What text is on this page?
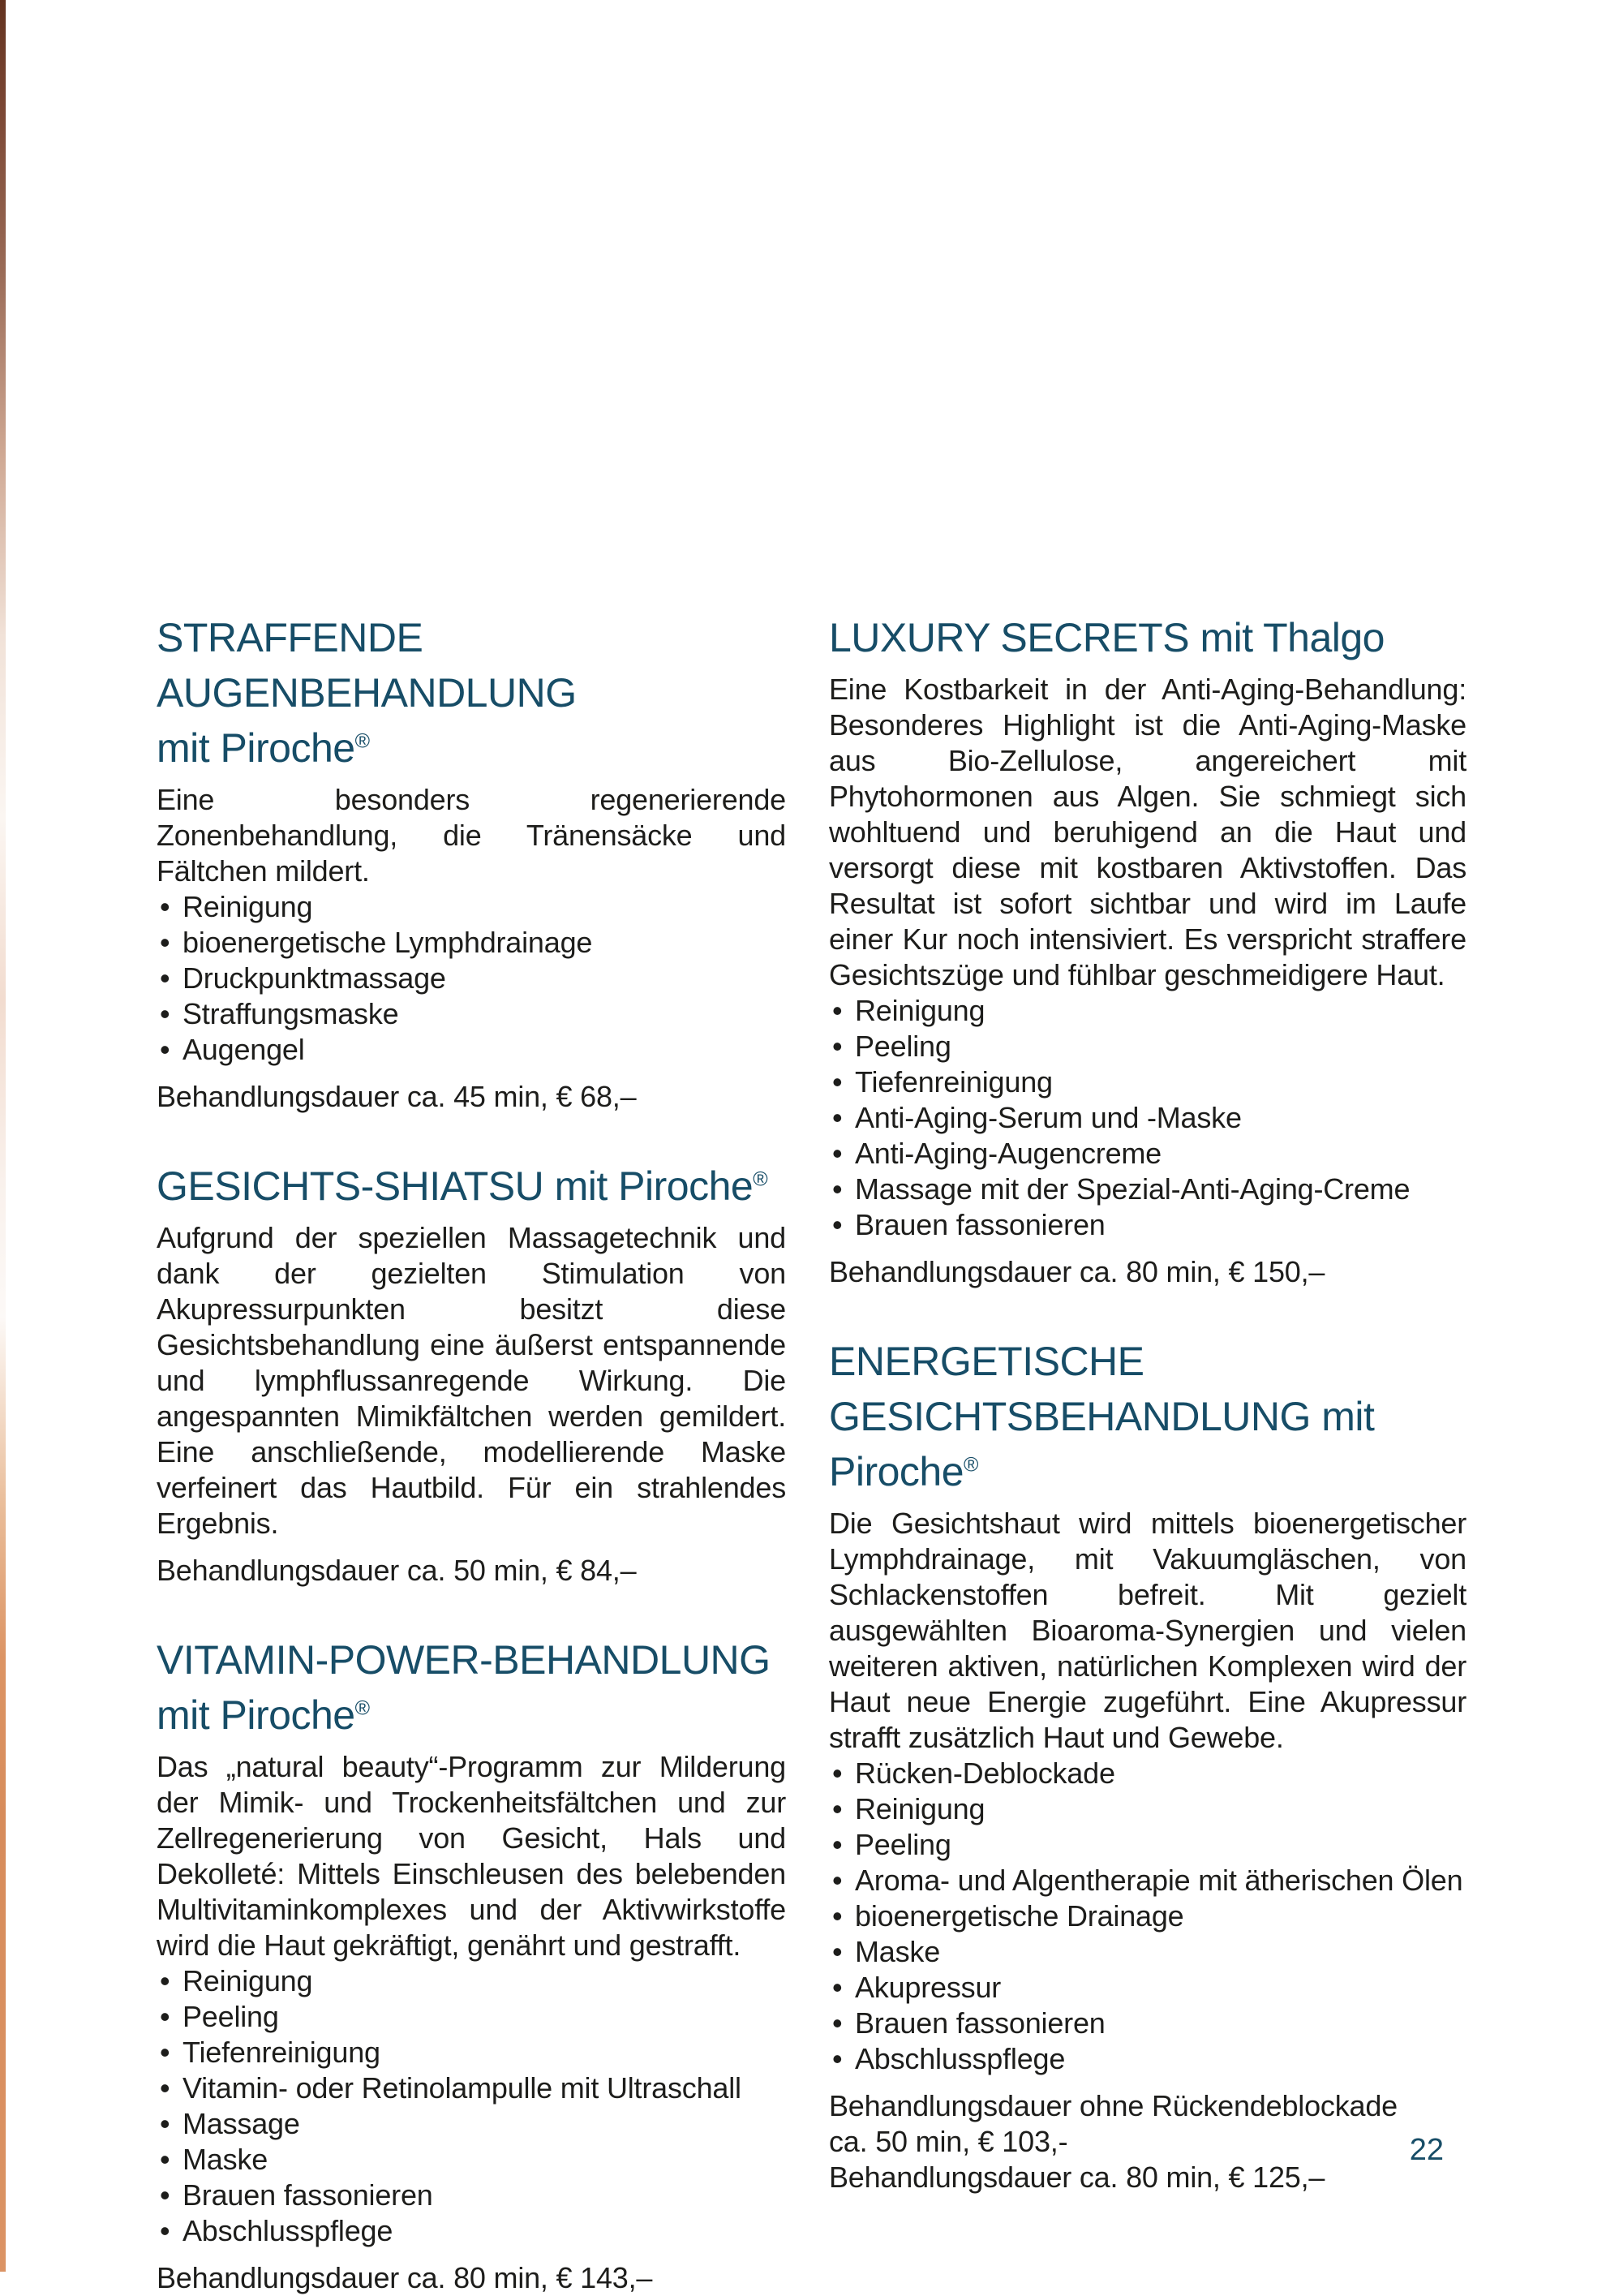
STRAFFENDE AUGENBEHANDLUNG
mit Piroche®

Eine besonders regenerierende Zonenbehandlung, die Tränensäcke und Fältchen mildert.

• Reinigung
• bioenergetische Lymphdrainage
• Druckpunktmassage
• Straffungsmaske
• Augengel

Behandlungsdauer ca. 45 min, € 68,–

GESICHTS-SHIATSU mit Piroche®

Aufgrund der speziellen Massagetechnik und dank der gezielten Stimulation von Akupressurpunkten besitzt diese Gesichtsbehandlung eine äußerst entspannende und lymphflussanregende Wirkung. Die angespannten Mimikfältchen werden gemildert. Eine anschließende, modellierende Maske verfeinert das Hautbild. Für ein strahlendes Ergebnis.

Behandlungsdauer ca. 50 min, € 84,–

VITAMIN-POWER-BEHANDLUNG
mit Piroche®

Das „natural beauty“-Programm zur Milderung der Mimik- und Trockenheitsfältchen und zur Zellregenerierung von Gesicht, Hals und Dekolleté: Mittels Einschleusen des belebenden Multivitaminkomplexes und der Aktivwirkstoffe wird die Haut gekräftigt, genährt und gestrafft.

• Reinigung
• Peeling
• Tiefenreinigung
• Vitamin- oder Retinolampulle mit Ultraschall
• Massage
• Maske
• Brauen fassonieren
• Abschlusspflege

Behandlungsdauer ca. 80 min, € 143,–

LUXURY SECRETS mit Thalgo

Eine Kostbarkeit in der Anti-Aging-Behandlung: Besonderes Highlight ist die Anti-Aging-Maske aus Bio-Zellulose, angereichert mit Phytohormonen aus Algen. Sie schmiegt sich wohltuend und beruhigend an die Haut und versorgt diese mit kostbaren Aktivstoffen. Das Resultat ist sofort sichtbar und wird im Laufe einer Kur noch intensiviert. Es verspricht straffere Gesichtszüge und fühlbar geschmeidigere Haut.

• Reinigung
• Peeling
• Tiefenreinigung
• Anti-Aging-Serum und -Maske
• Anti-Aging-Augencreme
• Massage mit der Spezial-Anti-Aging-Creme
• Brauen fassonieren

Behandlungsdauer ca. 80 min, € 150,–

ENERGETISCHE
GESICHTSBEHANDLUNG mit Piroche®

Die Gesichtshaut wird mittels bioenergetischer Lymphdrainage, mit Vakuumgläschen, von Schlackenstoffen befreit. Mit gezielt ausgewählten Bioaroma-Synergien und vielen weiteren aktiven, natürlichen Komplexen wird der Haut neue Energie zugeführt. Eine Akupressur strafft zusätzlich Haut und Gewebe.

• Rücken-Deblockade
• Reinigung
• Peeling
• Aroma- und Algentherapie mit ätherischen Ölen
• bioenergetische Drainage
• Maske
• Akupressur
• Brauen fassonieren
• Abschlusspflege

Behandlungsdauer ohne Rückendeblockade
ca. 50 min, € 103,-
Behandlungsdauer ca. 80 min, € 125,–

22
